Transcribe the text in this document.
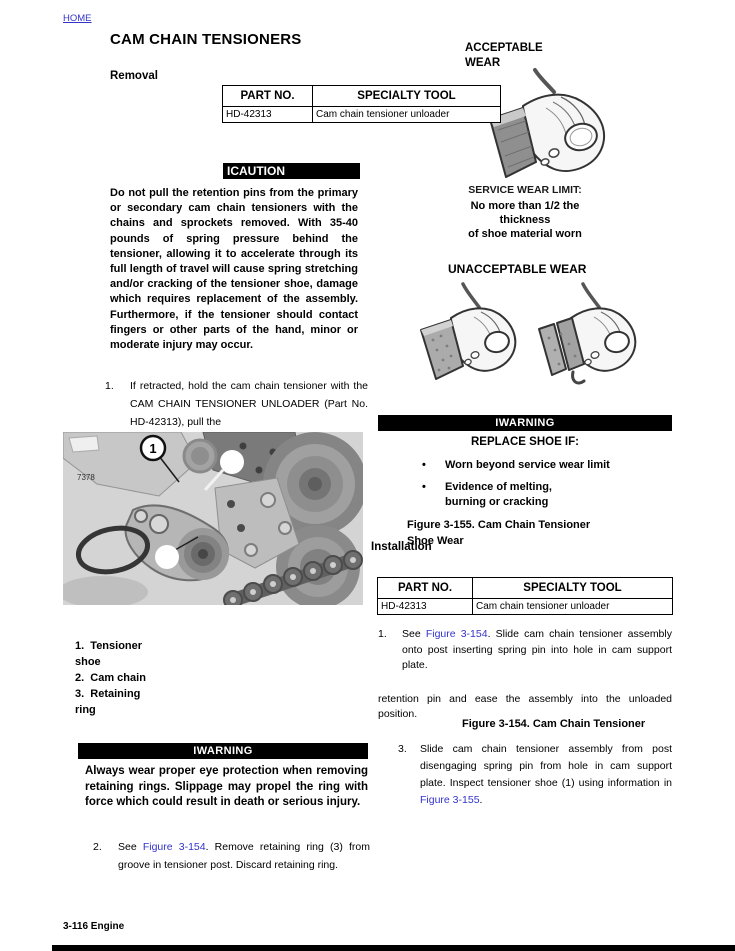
HOME
CAM CHAIN TENSIONERS
Removal
PART NO.	SPECIALTY TOOL
HD-42313	Cam chain tensioner unloader
ICAUTION
Do not pull the retention pins from the primary or secondary cam chain tensioners with the chains and sprockets removed. With 35-40 pounds of spring pressure behind the tensioner, allowing it to accelerate through its full length of travel will cause spring stretching and/or cracking of the tensioner shoe, damage which requires replacement of the assembly. Furthermore, if the tensioner should contact fingers or other parts of the hand, minor or moderate injury may occur.
1.	If retracted, hold the cam chain tensioner with the CAM CHAIN TENSIONER UNLOADER (Part No. HD-42313), pull the
1
7378
1.  Tensioner
shoe
2.  Cam chain
3.  Retaining
ring
IWARNING
Always wear proper eye protection when removing retaining rings. Slippage may propel the ring with force which could result in death or serious injury.
2.	See Figure 3-154. Remove retaining ring (3) from groove in tensioner post. Discard retaining ring.
ACCEPTABLE
WEAR
SERVICE WEAR LIMIT:
No more than 1/2 the
thickness
of shoe material worn
UNACCEPTABLE WEAR
IWARNING
REPLACE SHOE IF:
•	Worn beyond service wear limit
•	Evidence of melting,
burning or cracking
Figure 3-155. Cam Chain Tensioner
Shoe Wear
Installation
PART NO.	SPECIALTY TOOL
HD-42313	Cam chain tensioner unloader
1.	See Figure 3-154. Slide cam chain tensioner assembly onto post inserting spring pin into hole in cam support plate.
retention pin and ease the assembly into the unloaded position.
Figure 3-154. Cam Chain Tensioner
3.	Slide cam chain tensioner assembly from post disengaging spring pin from hole in cam support plate. Inspect tensioner shoe (1) using information in Figure 3-155.
3-116 Engine
